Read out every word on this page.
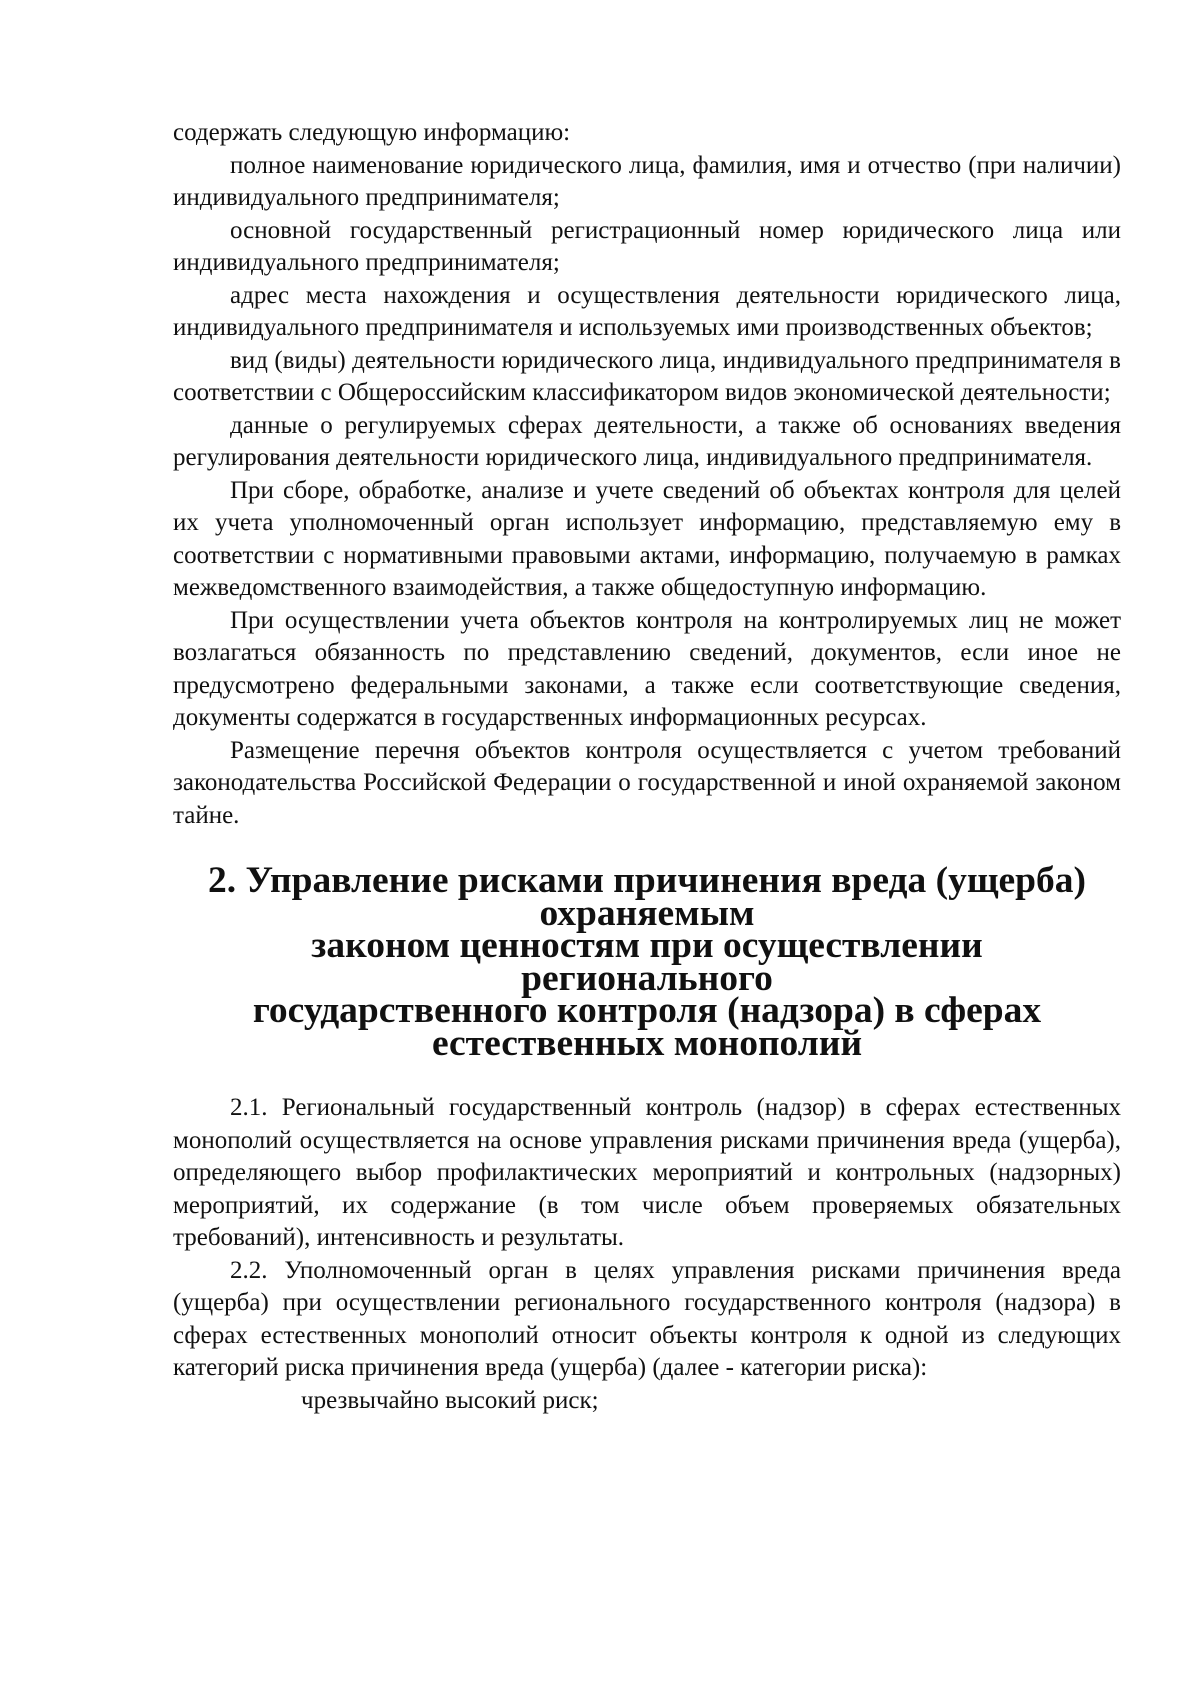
содержать следующую информацию:

полное наименование юридического лица, фамилия, имя и отчество (при наличии) индивидуального предпринимателя;

основной государственный регистрационный номер юридического лица или индивидуального предпринимателя;

адрес места нахождения и осуществления деятельности юридического лица, индивидуального предпринимателя и используемых ими производственных объектов;

вид (виды) деятельности юридического лица, индивидуального предпринимателя в соответствии с Общероссийским классификатором видов экономической деятельности;

данные о регулируемых сферах деятельности, а также об основаниях введения регулирования деятельности юридического лица, индивидуального предпринимателя.

При сборе, обработке, анализе и учете сведений об объектах контроля для целей их учета уполномоченный орган использует информацию, представляемую ему в соответствии с нормативными правовыми актами, информацию, получаемую в рамках межведомственного взаимодействия, а также общедоступную информацию.

При осуществлении учета объектов контроля на контролируемых лиц не может возлагаться обязанность по представлению сведений, документов, если иное не предусмотрено федеральными законами, а также если соответствующие сведения, документы содержатся в государственных информационных ресурсах.

Размещение перечня объектов контроля осуществляется с учетом требований законодательства Российской Федерации о государственной и иной охраняемой законом тайне.

2. Управление рисками причинения вреда (ущерба) охраняемым
законом ценностям при осуществлении регионального
государственного контроля (надзора) в сферах
естественных монополий

2.1. Региональный государственный контроль (надзор) в сферах естественных монополий осуществляется на основе управления рисками причинения вреда (ущерба), определяющего выбор профилактических мероприятий и контрольных (надзорных) мероприятий, их содержание (в том числе объем проверяемых обязательных требований), интенсивность и результаты.

2.2. Уполномоченный орган в целях управления рисками причинения вреда (ущерба) при осуществлении регионального государственного контроля (надзора) в сферах естественных монополий относит объекты контроля к одной из следующих категорий риска причинения вреда (ущерба) (далее - категории риска):

чрезвычайно высокий риск;
